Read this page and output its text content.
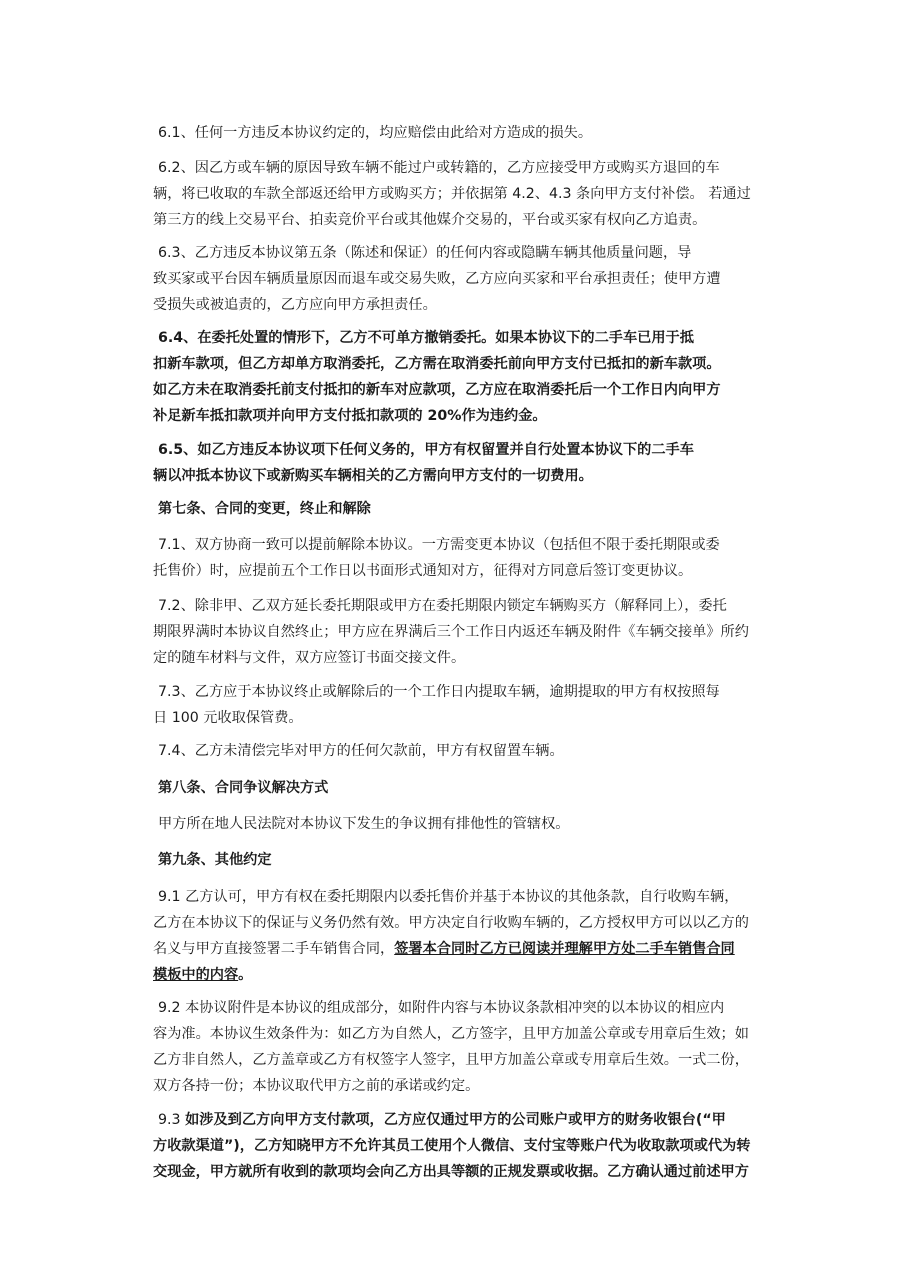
6.1、任何一方违反本协议约定的，均应赔偿由此给对方造成的损失。

6.2、因乙方或车辆的原因导致车辆不能过户或转籍的，乙方应接受甲方或购买方退回的车
辆，将已收取的车款全部返还给甲方或购买方；并依据第 4.2、4.3 条向甲方支付补偿。 若通过
第三方的线上交易平台、拍卖竞价平台或其他媒介交易的，平台或买家有权向乙方追责。

6.3、乙方违反本协议第五条（陈述和保证）的任何内容或隐瞒车辆其他质量问题，导
致买家或平台因车辆质量原因而退车或交易失败，乙方应向买家和平台承担责任；使甲方遭
受损失或被追责的，乙方应向甲方承担责任。

6.4、在委托处置的情形下，乙方不可单方撤销委托。如果本协议下的二手车已用于抵
扣新车款项，但乙方却单方取消委托，乙方需在取消委托前向甲方支付已抵扣的新车款项。
如乙方未在取消委托前支付抵扣的新车对应款项，乙方应在取消委托后一个工作日内向甲方
补足新车抵扣款项并向甲方支付抵扣款项的 20%作为违约金。

6.5、如乙方违反本协议项下任何义务的，甲方有权留置并自行处置本协议下的二手车
辆以冲抵本协议下或新购买车辆相关的乙方需向甲方支付的一切费用。

第七条、合同的变更，终止和解除

7.1、双方协商一致可以提前解除本协议。一方需变更本协议（包括但不限于委托期限或委
托售价）时，应提前五个工作日以书面形式通知对方，征得对方同意后签订变更协议。

7.2、除非甲、乙双方延长委托期限或甲方在委托期限内锁定车辆购买方（解释同上），委托
期限界满时本协议自然终止；甲方应在界满后三个工作日内返还车辆及附件《车辆交接单》所约
定的随车材料与文件，双方应签订书面交接文件。

7.3、乙方应于本协议终止或解除后的一个工作日内提取车辆，逾期提取的甲方有权按照每
日 100 元收取保管费。

7.4、乙方未清偿完毕对甲方的任何欠款前，甲方有权留置车辆。

第八条、合同争议解决方式

甲方所在地人民法院对本协议下发生的争议拥有排他性的管辖权。

第九条、其他约定

9.1 乙方认可，甲方有权在委托期限内以委托售价并基于本协议的其他条款，自行收购车辆，
乙方在本协议下的保证与义务仍然有效。甲方决定自行收购车辆的，乙方授权甲方可以以乙方的
名义与甲方直接签署二手车销售合同，签署本合同时乙方已阅读并理解甲方处二手车销售合同
模板中的内容。

9.2 本协议附件是本协议的组成部分，如附件内容与本协议条款相冲突的以本协议的相应内
容为准。本协议生效条件为：如乙方为自然人，乙方签字，且甲方加盖公章或专用章后生效；如
乙方非自然人，乙方盖章或乙方有权签字人签字，且甲方加盖公章或专用章后生效。一式二份，
双方各持一份；本协议取代甲方之前的承诺或约定。

9.3 如涉及到乙方向甲方支付款项，乙方应仅通过甲方的公司账户或甲方的财务收银台(“甲
方收款渠道”)，乙方知晓甲方不允许其员工使用个人微信、支付宝等账户代为收取款项或代为转
交现金，甲方就所有收到的款项均会向乙方出具等额的正规发票或收据。乙方确认通过前述甲方
